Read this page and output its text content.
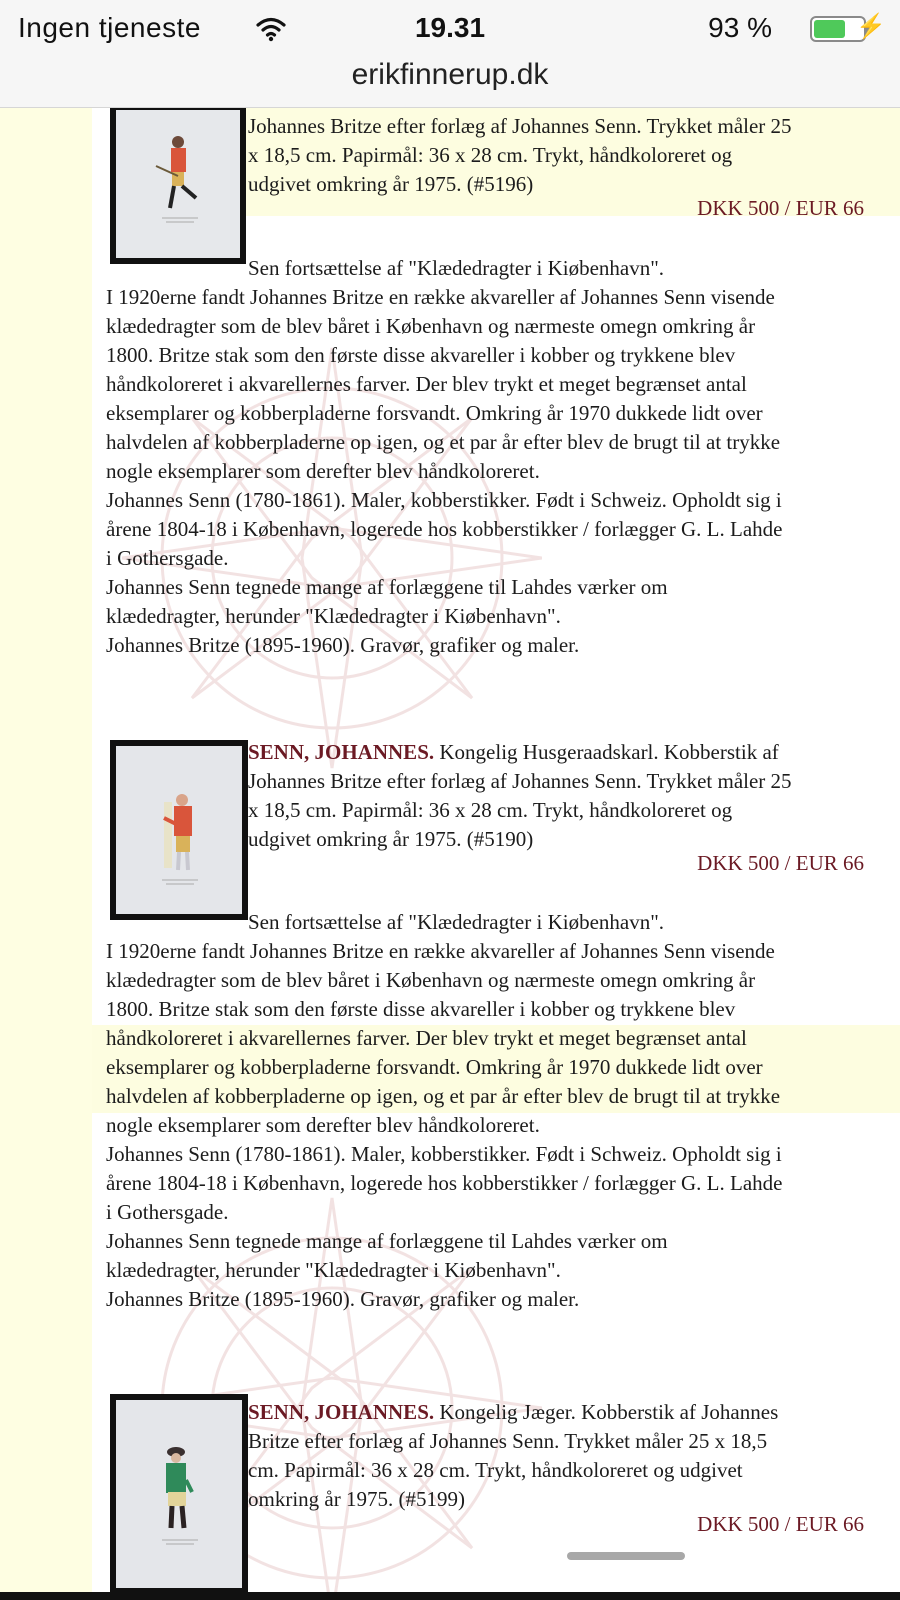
Ingen tjeneste	19.31	93 %	⚡
erikfinnerup.dk
Johannes Britze efter forlæg af Johannes Senn. Trykket måler 25
x 18,5 cm. Papirmål: 36 x 28 cm. Trykt, håndkoloreret og
udgivet omkring år 1975. (#5196)
DKK 500 / EUR 66
Sen fortsættelse af "Klædedragter i Kiøbenhavn".
I 1920erne fandt Johannes Britze en række akvareller af Johannes Senn visende
klædedragter som de blev båret i København og nærmeste omegn omkring år
1800. Britze stak som den første disse akvareller i kobber og trykkene blev
håndkoloreret i akvarellernes farver. Der blev trykt et meget begrænset antal
eksemplarer og kobberpladerne forsvandt. Omkring år 1970 dukkede lidt over
halvdelen af kobberpladerne op igen, og et par år efter blev de brugt til at trykke
nogle eksemplarer som derefter blev håndkoloreret.
Johannes Senn (1780-1861). Maler, kobberstikker. Født i Schweiz. Opholdt sig i
årene 1804-18 i København, logerede hos kobberstikker / forlægger G. L. Lahde
i Gothersgade.
Johannes Senn tegnede mange af forlæggene til Lahdes værker om
klædedragter, herunder "Klædedragter i Kiøbenhavn".
Johannes Britze (1895-1960). Gravør, grafiker og maler.
SENN, JOHANNES. Kongelig Husgeraadskarl. Kobberstik af
Johannes Britze efter forlæg af Johannes Senn. Trykket måler 25
x 18,5 cm. Papirmål: 36 x 28 cm. Trykt, håndkoloreret og
udgivet omkring år 1975. (#5190)
DKK 500 / EUR 66
Sen fortsættelse af "Klædedragter i Kiøbenhavn".
I 1920erne fandt Johannes Britze en række akvareller af Johannes Senn visende
klædedragter som de blev båret i København og nærmeste omegn omkring år
1800. Britze stak som den første disse akvareller i kobber og trykkene blev
håndkoloreret i akvarellernes farver. Der blev trykt et meget begrænset antal
eksemplarer og kobberpladerne forsvandt. Omkring år 1970 dukkede lidt over
halvdelen af kobberpladerne op igen, og et par år efter blev de brugt til at trykke
nogle eksemplarer som derefter blev håndkoloreret.
Johannes Senn (1780-1861). Maler, kobberstikker. Født i Schweiz. Opholdt sig i
årene 1804-18 i København, logerede hos kobberstikker / forlægger G. L. Lahde
i Gothersgade.
Johannes Senn tegnede mange af forlæggene til Lahdes værker om
klædedragter, herunder "Klædedragter i Kiøbenhavn".
Johannes Britze (1895-1960). Gravør, grafiker og maler.
SENN, JOHANNES. Kongelig Jæger. Kobberstik af Johannes
Britze efter forlæg af Johannes Senn. Trykket måler 25 x 18,5
cm. Papirmål: 36 x 28 cm. Trykt, håndkoloreret og udgivet
omkring år 1975. (#5199)
DKK 500 / EUR 66
